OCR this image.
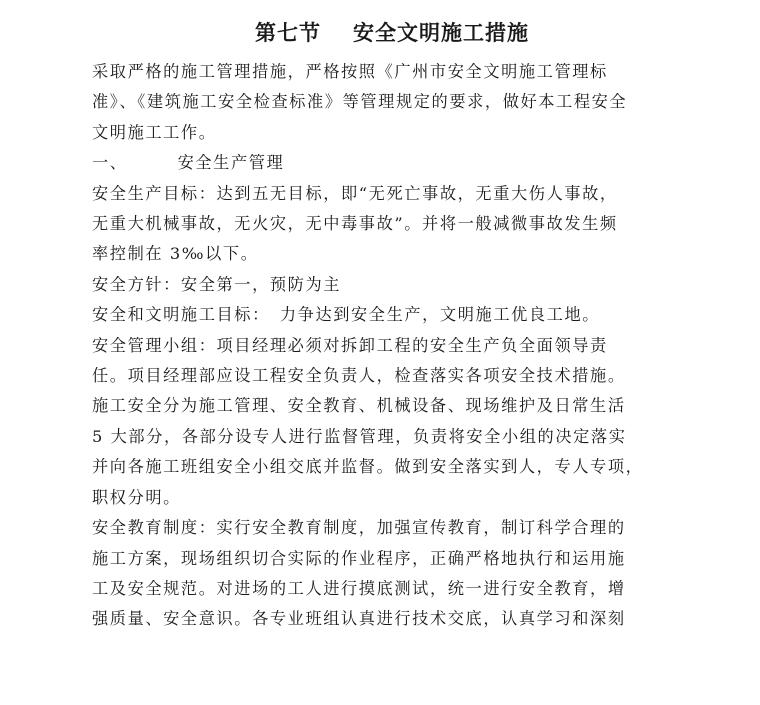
第七节 安全文明施工措施
采取严格的施工管理措施，严格按照《广州市安全文明施工管理标
准》、《建筑施工安全检查标准》等管理规定的要求，做好本工程安全
文明施工工作。
一、	安全生产管理
安全生产目标：达到五无目标，即“无死亡事故，无重大伤人事故，
无重大机械事故，无火灾，无中毒事故”。并将一般减微事故发生频
率控制在 3‰以下。
安全方针：安全第一，预防为主
安全和文明施工目标： 力争达到安全生产，文明施工优良工地。
安全管理小组：项目经理必须对拆卸工程的安全生产负全面领导责
任。项目经理部应设工程安全负责人，检查落实各项安全技术措施。
施工安全分为施工管理、安全教育、机械设备、现场维护及日常生活
5 大部分，各部分设专人进行监督管理，负责将安全小组的决定落实
并向各施工班组安全小组交底并监督。做到安全落实到人，专人专项，
职权分明。
安全教育制度：实行安全教育制度，加强宣传教育，制订科学合理的
施工方案，现场组织切合实际的作业程序，正确严格地执行和运用施
工及安全规范。对进场的工人进行摸底测试，统一进行安全教育，增
强质量、安全意识。各专业班组认真进行技术交底，认真学习和深刻
